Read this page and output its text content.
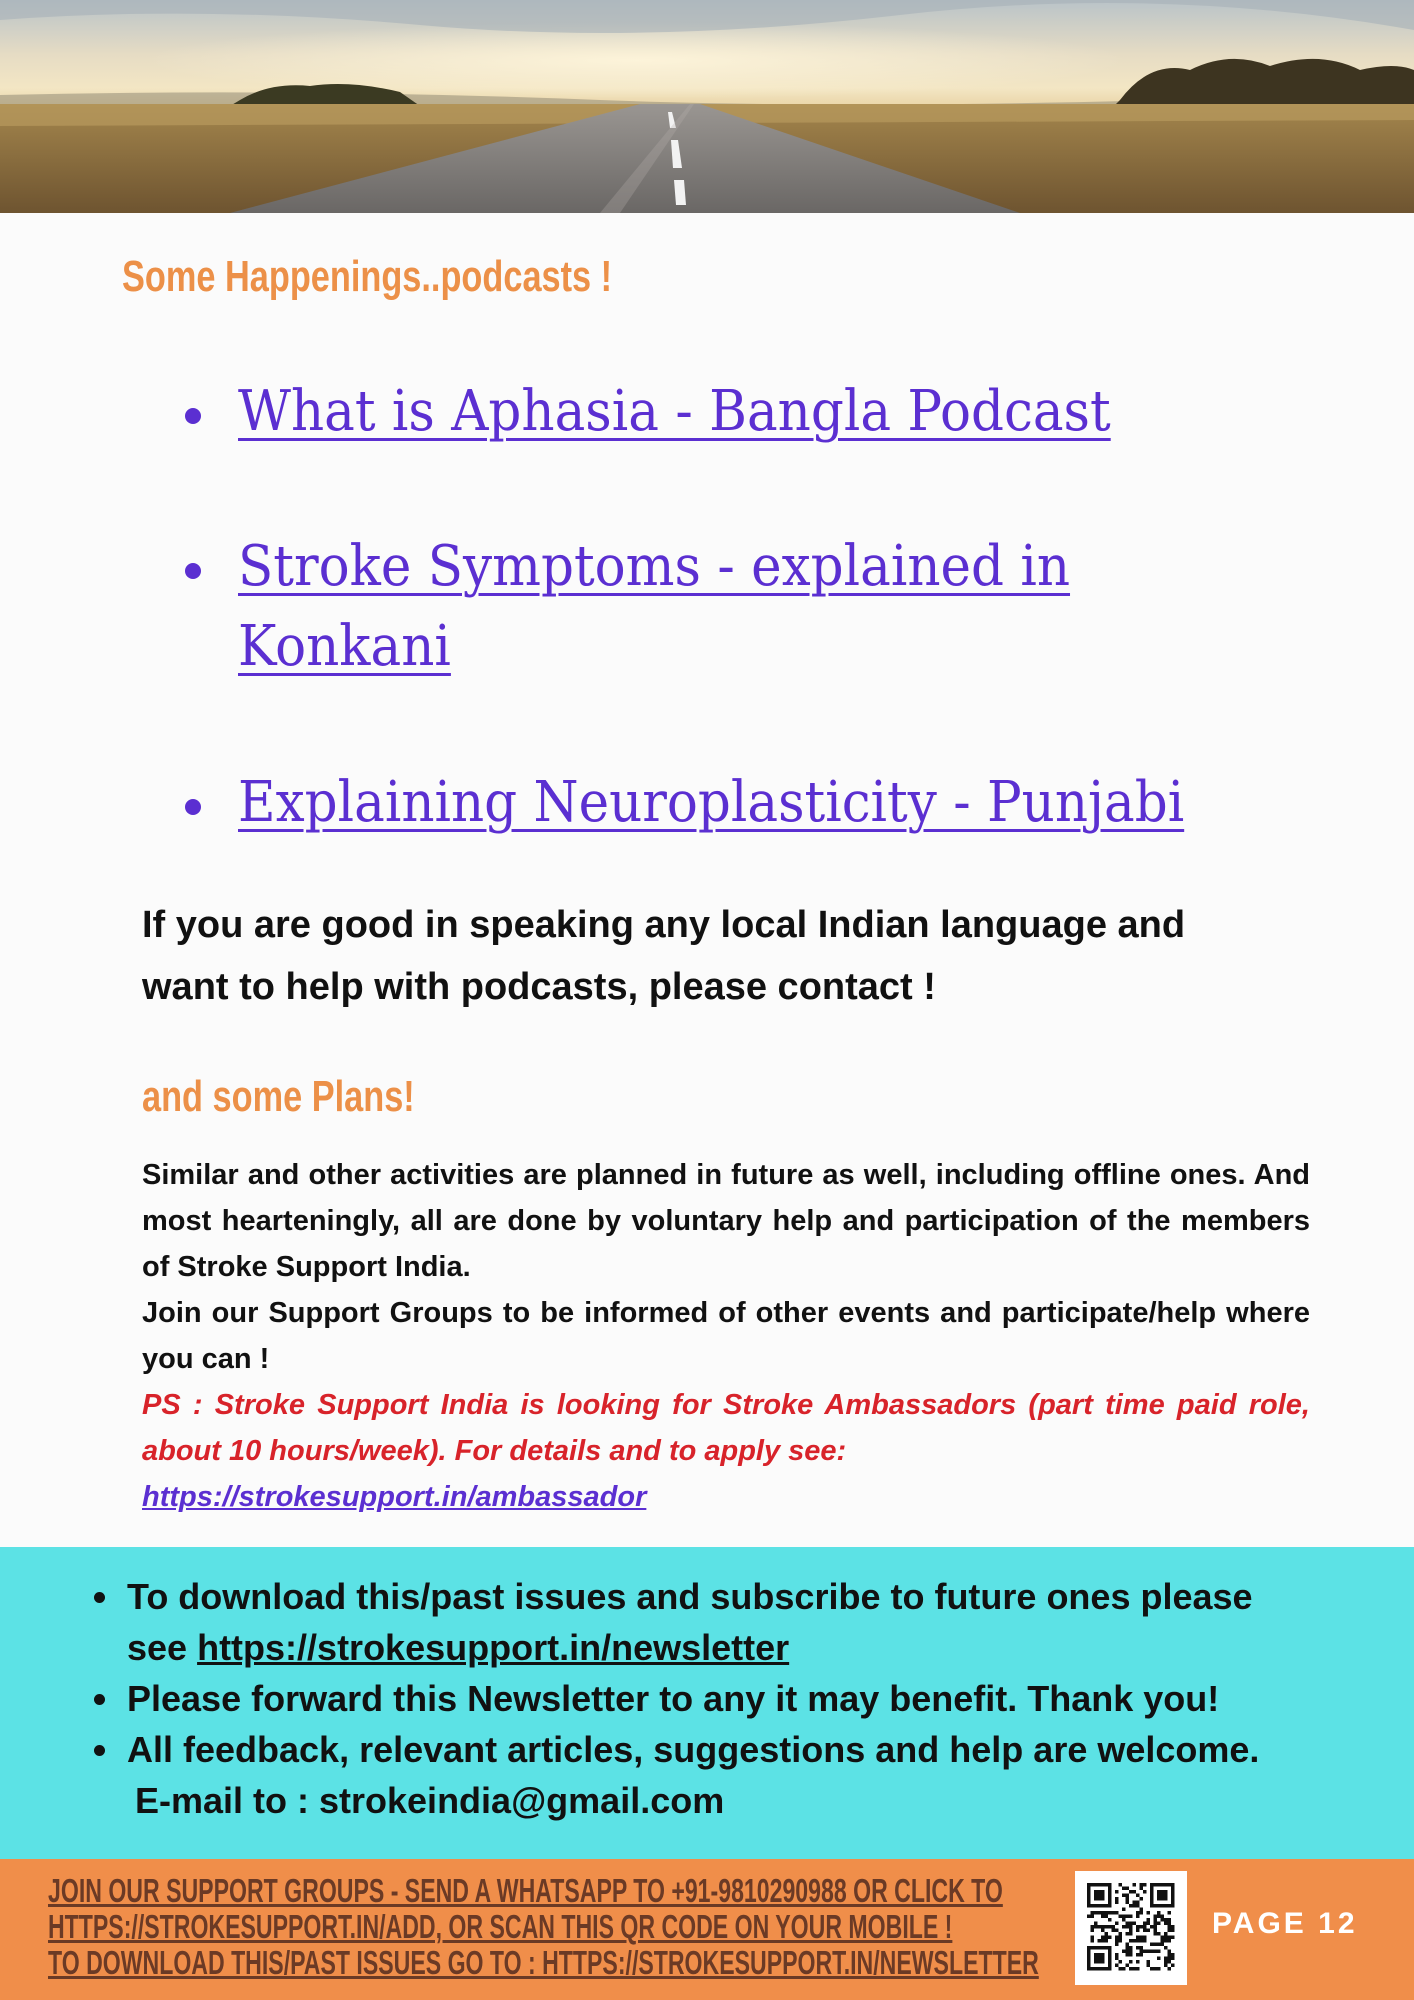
Some Happenings..podcasts !
What is Aphasia - Bangla Podcast
Stroke Symptoms - explained in
Konkani
Explaining Neuroplasticity - Punjabi
If you are good in speaking any local Indian language and
want to help with podcasts, please contact !
and some Plans!

Similar and other activities are planned in future as well, including offline ones. And most hearteningly, all are done by voluntary help and participation of the members of Stroke Support India.

Join our Support Groups to be informed of other events and participate/help where you can !

PS : Stroke Support India is looking for Stroke Ambassadors (part time paid role, about 10 hours/week). For details and to apply see:

https://strokesupport.in/ambassador

To download this/past issues and subscribe to future ones please
see https://strokesupport.in/newsletter
Please forward this Newsletter to any it may benefit. Thank you!
All feedback, relevant articles, suggestions and help are welcome.
E-mail to : strokeindia@gmail.com
JOIN OUR SUPPORT GROUPS - SEND A WHATSAPP TO +91-9810290988 OR CLICK TO
HTTPS://STROKESUPPORT.IN/ADD, OR SCAN THIS QR CODE ON YOUR MOBILE !
TO DOWNLOAD THIS/PAST ISSUES GO TO : HTTPS://STROKESUPPORT.IN/NEWSLETTER
PAGE 12
